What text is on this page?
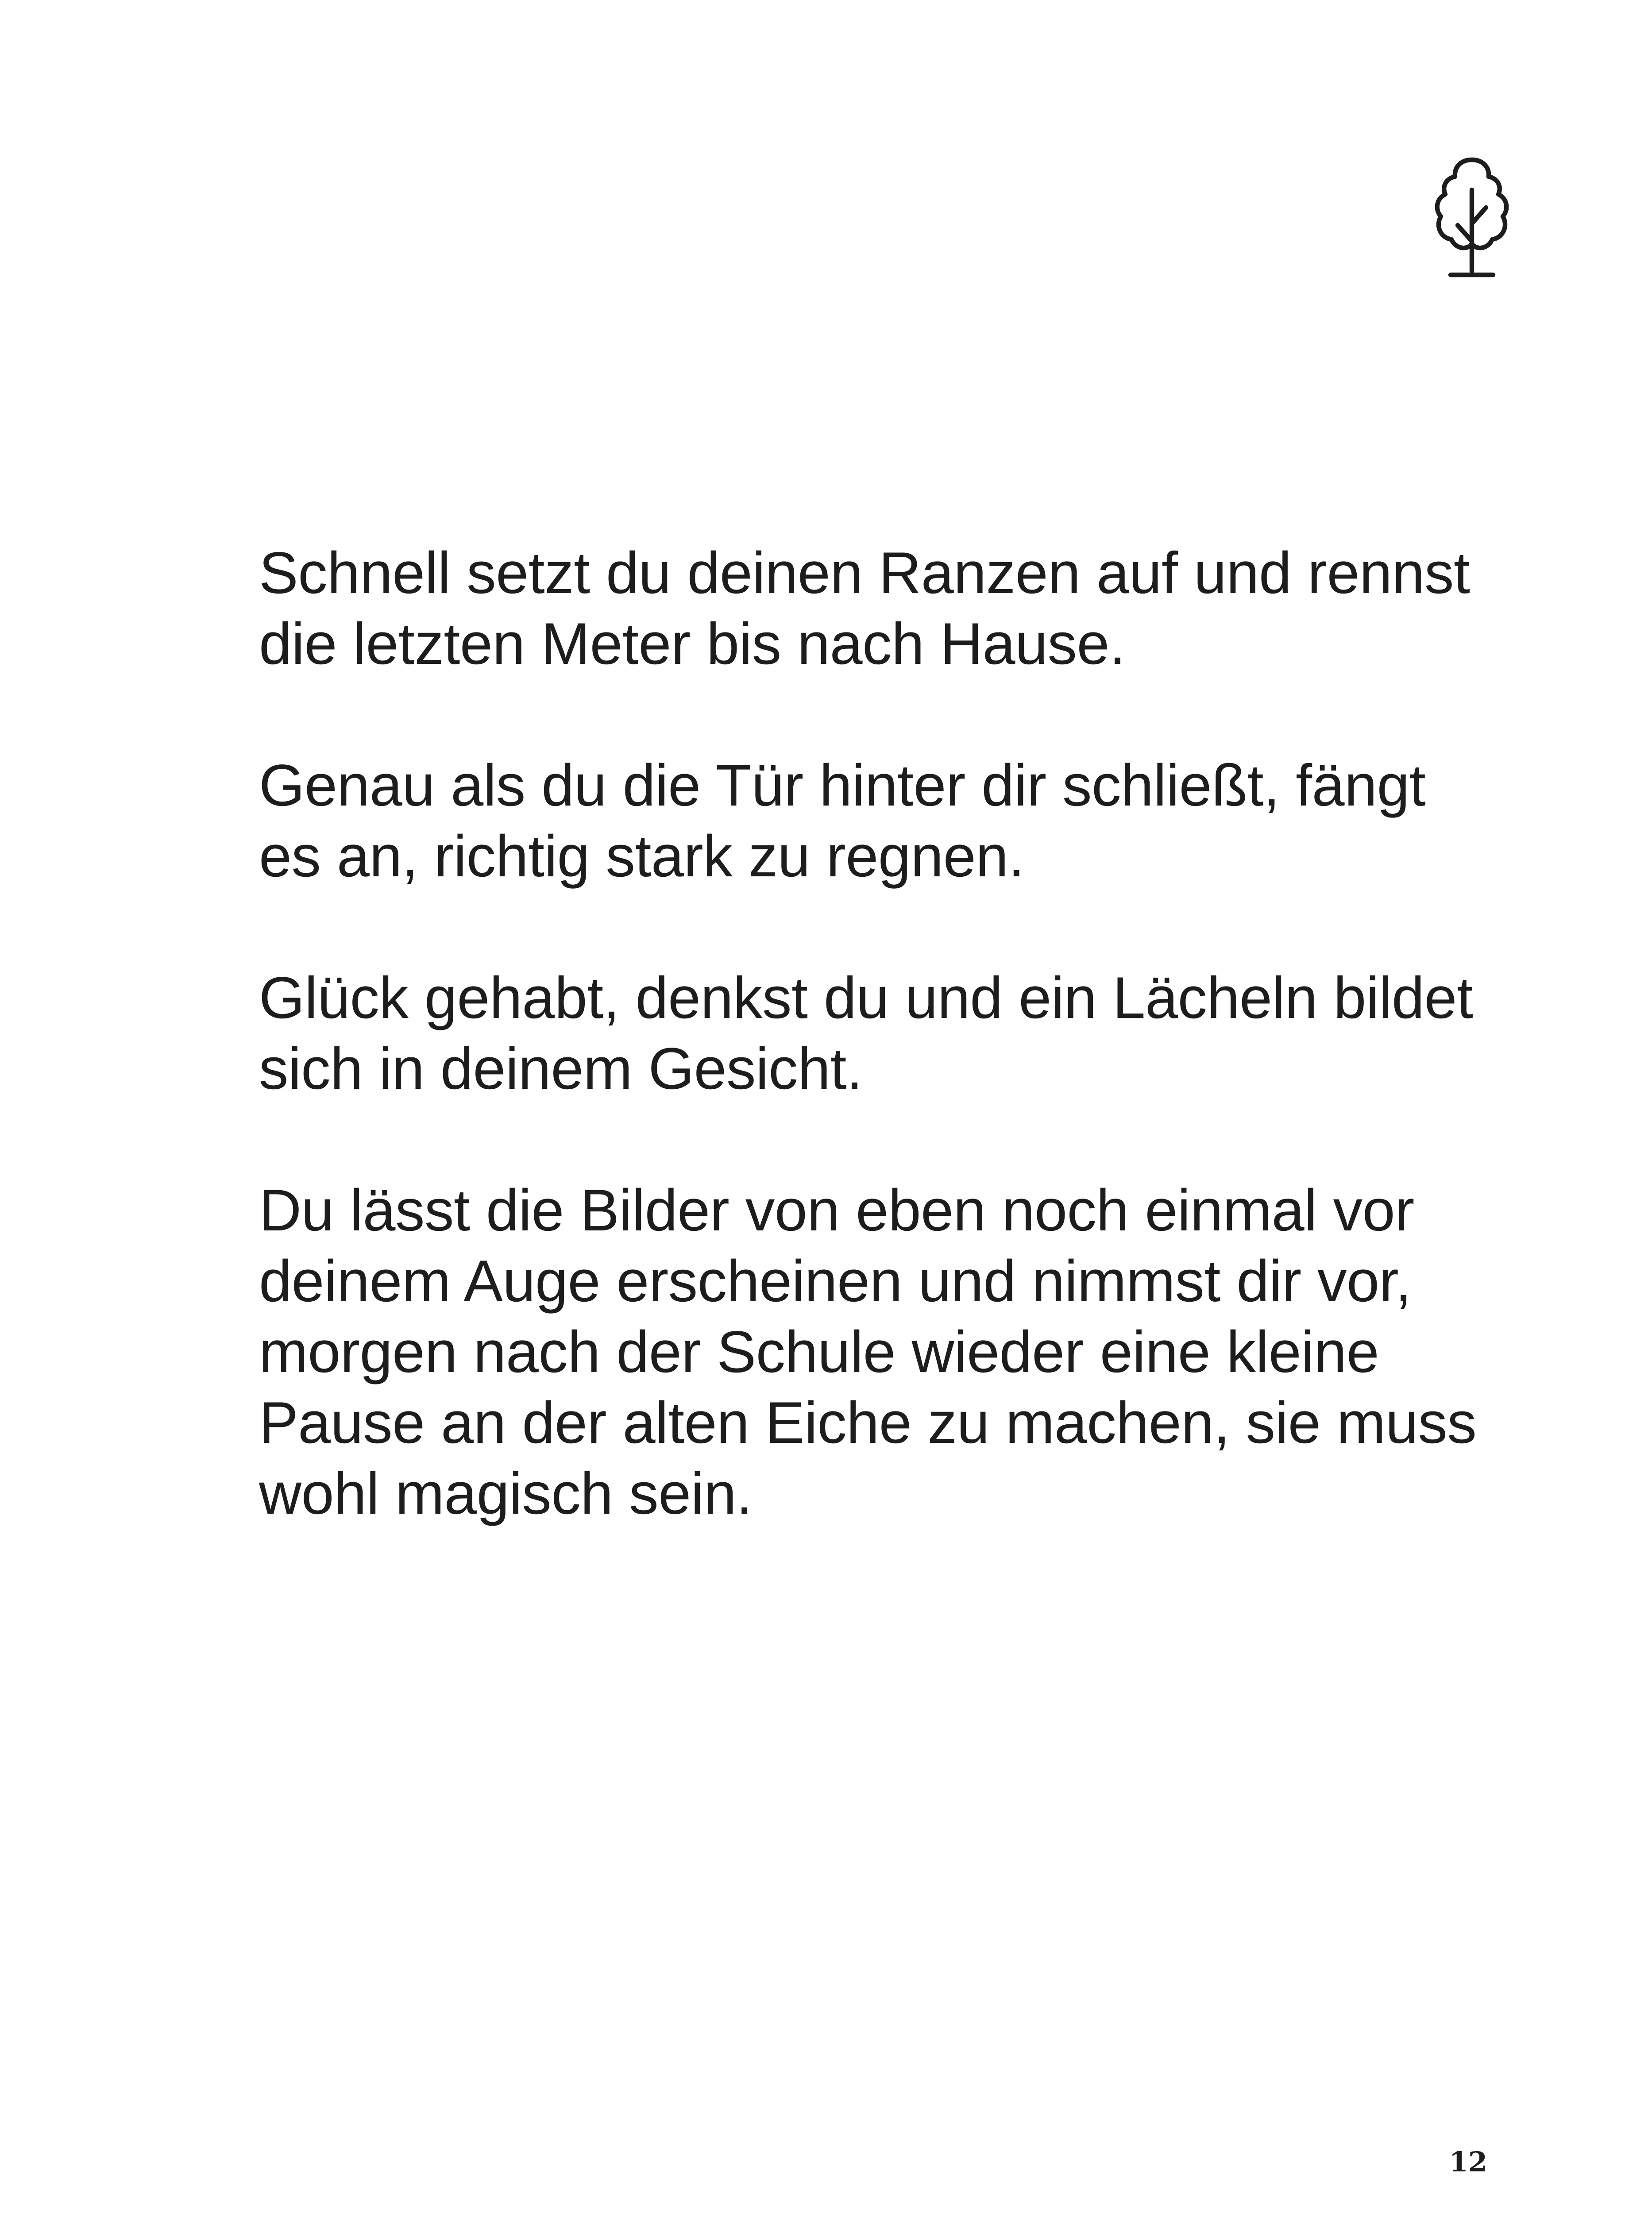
Schnell setzt du deinen Ranzen auf und rennst
die letzten Meter bis nach Hause.

Genau als du die Tür hinter dir schließt, fängt
es an, richtig stark zu regnen.

Glück gehabt, denkst du und ein Lächeln bildet
sich in deinem Gesicht.

Du lässt die Bilder von eben noch einmal vor
deinem Auge erscheinen und nimmst dir vor,
morgen nach der Schule wieder eine kleine
Pause an der alten Eiche zu machen, sie muss
wohl magisch sein.

12
